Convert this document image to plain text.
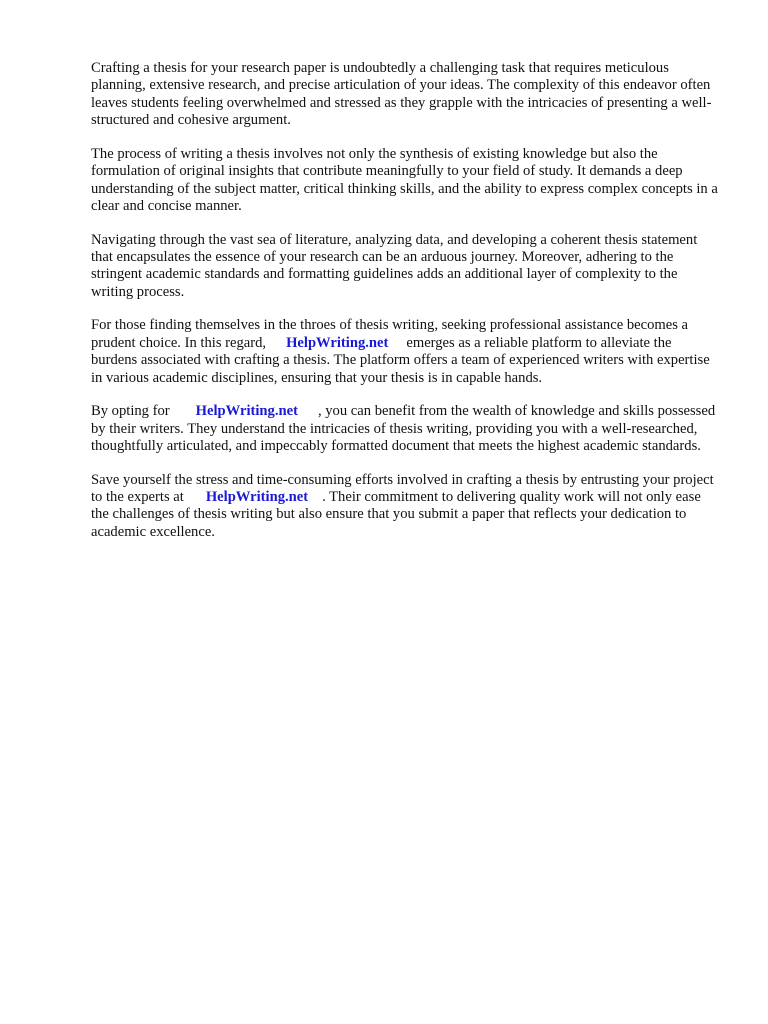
Crafting a thesis for your research paper is undoubtedly a challenging task that requires meticulous planning, extensive research, and precise articulation of your ideas. The complexity of this endeavor often leaves students feeling overwhelmed and stressed as they grapple with the intricacies of presenting a well-structured and cohesive argument.

The process of writing a thesis involves not only the synthesis of existing knowledge but also the formulation of original insights that contribute meaningfully to your field of study. It demands a deep understanding of the subject matter, critical thinking skills, and the ability to express complex concepts in a clear and concise manner.

Navigating through the vast sea of literature, analyzing data, and developing a coherent thesis statement that encapsulates the essence of your research can be an arduous journey. Moreover, adhering to the stringent academic standards and formatting guidelines adds an additional layer of complexity to the writing process.

For those finding themselves in the throes of thesis writing, seeking professional assistance becomes a prudent choice. In this regard, HelpWriting.net emerges as a reliable platform to alleviate the burdens associated with crafting a thesis. The platform offers a team of experienced writers with expertise in various academic disciplines, ensuring that your thesis is in capable hands.

By opting for HelpWriting.net , you can benefit from the wealth of knowledge and skills possessed by their writers. They understand the intricacies of thesis writing, providing you with a well-researched, thoughtfully articulated, and impeccably formatted document that meets the highest academic standards.

Save yourself the stress and time-consuming efforts involved in crafting a thesis by entrusting your project to the experts at HelpWriting.net . Their commitment to delivering quality work will not only ease the challenges of thesis writing but also ensure that you submit a paper that reflects your dedication to academic excellence.
